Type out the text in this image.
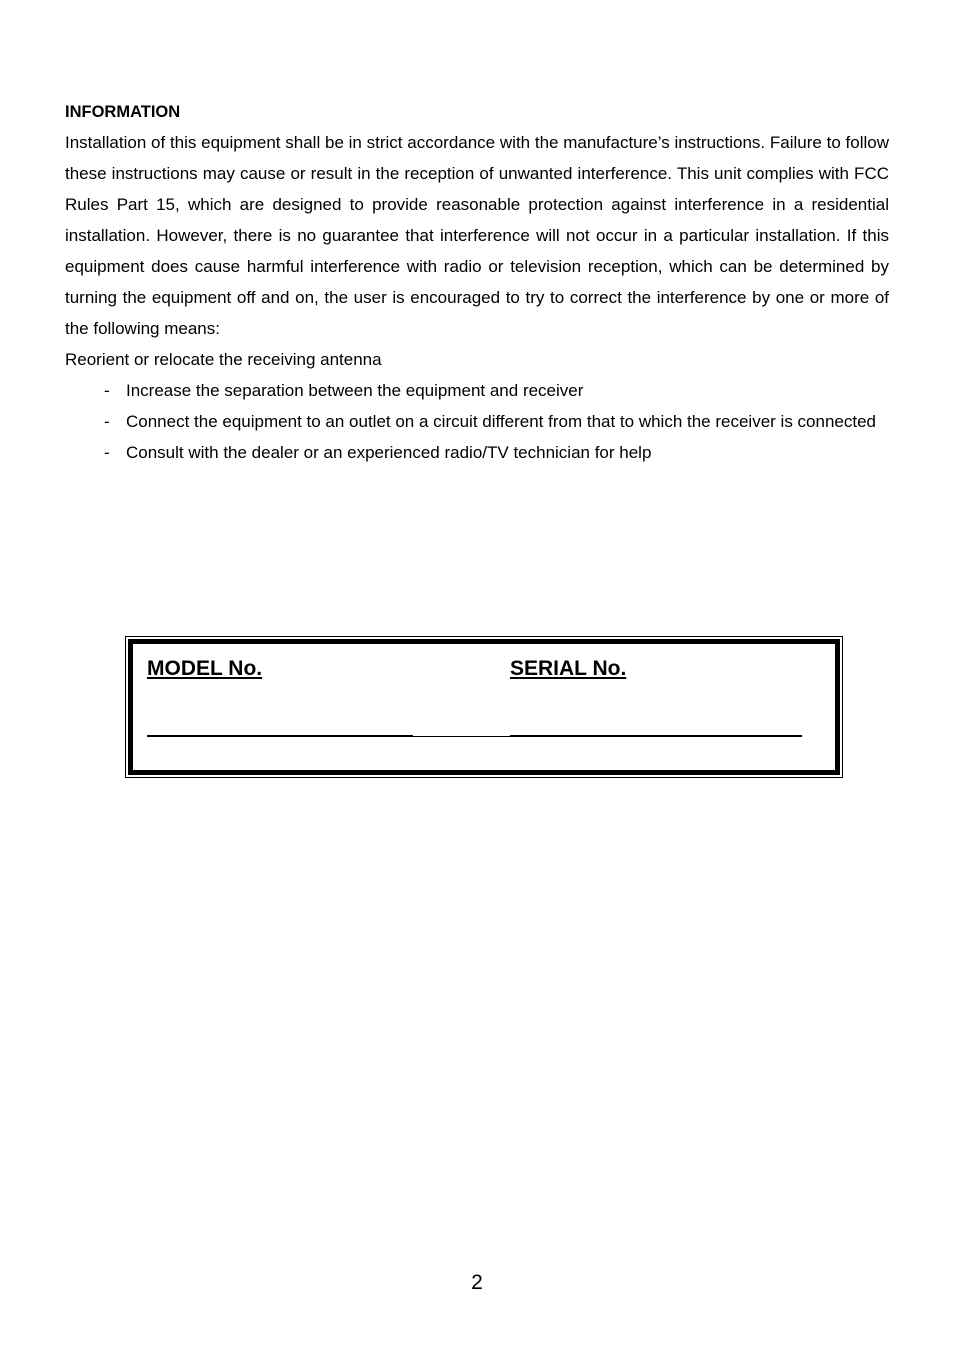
INFORMATION

Installation of this equipment shall be in strict accordance with the manufacture’s instructions. Failure to follow these instructions may cause or result in the reception of unwanted interference. This unit complies with FCC Rules Part 15, which are designed to provide reasonable protection against interference in a residential installation. However, there is no guarantee that interference will not occur in a particular installation. If this equipment does cause harmful interference with radio or television reception, which can be determined by turning the equipment off and on, the user is encouraged to try to correct the interference by one or more of the following means:

Reorient or relocate the receiving antenna

- Increase the separation between the equipment and receiver
- Connect the equipment to an outlet on a circuit different from that to which the receiver is connected
- Consult with the dealer or an experienced radio/TV technician for help
MODEL No.	SERIAL No.
2
